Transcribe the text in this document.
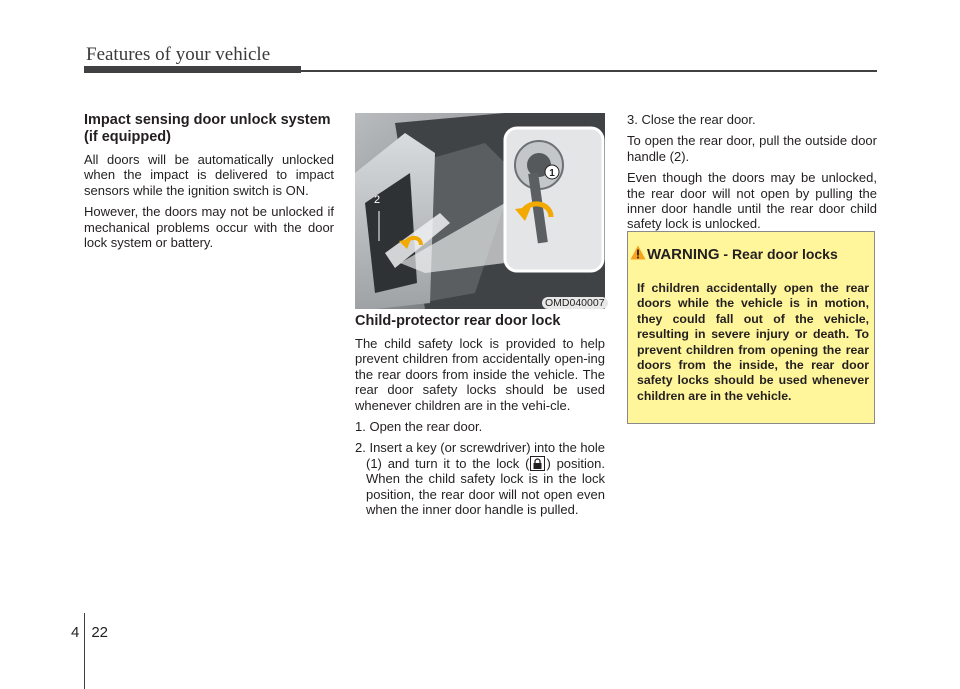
Features of your vehicle
Impact sensing door unlock system (if equipped)

All doors will be automatically unlocked when the impact is delivered to impact sensors while the ignition switch is ON.

However, the doors may not be unlocked if mechanical problems occur with the door lock system or battery.

1
2
OMD040007
Child-protector rear door lock

The child safety lock is provided to help prevent children from accidentally open-ing the rear doors from inside the vehicle. The rear door safety locks should be used whenever children are in the vehi-cle.

1. Open the rear door.

2. Insert a key (or screwdriver) into the hole (1) and turn it to the lock ( ) position. When the child safety lock is in the lock position, the rear door will not open even when the inner door handle is pulled.

3. Close the rear door.

To open the rear door, pull the outside door handle (2).

Even though the doors may be unlocked, the rear door will not open by pulling the inner door handle until the rear door child safety lock is unlocked.

WARNING - Rear door locks
If children accidentally open the rear doors while the vehicle is in motion, they could fall out of the vehicle, resulting in severe injury or death. To prevent children from opening the rear doors from the inside, the rear door safety locks should be used whenever children are in the vehicle.
4 22
